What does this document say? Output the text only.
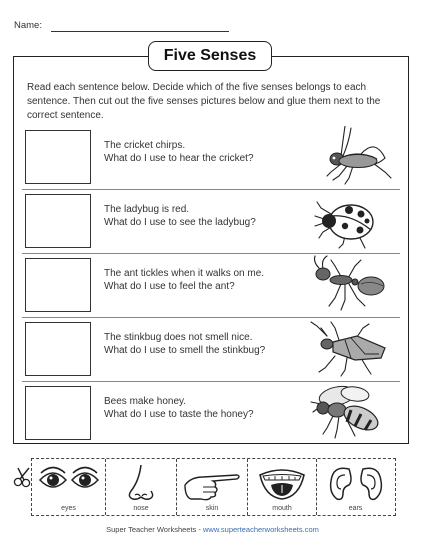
Name:
Five Senses
Read each sentence below. Decide which of the five senses belongs to each sentence. Then cut out the five senses pictures below and glue them next to the correct sentence.
The cricket chirps.
What do I use to hear the cricket?
The ladybug is red.
What do I use to see the ladybug?
The ant tickles when it walks on me.
What do I use to feel the ant?
The stinkbug does not smell nice.
What do I use to smell the stinkbug?
Bees make honey.
What do I use to taste the honey?
eyes	nose	skin	mouth	ears
Super Teacher Worksheets - www.superteacherworksheets.com
